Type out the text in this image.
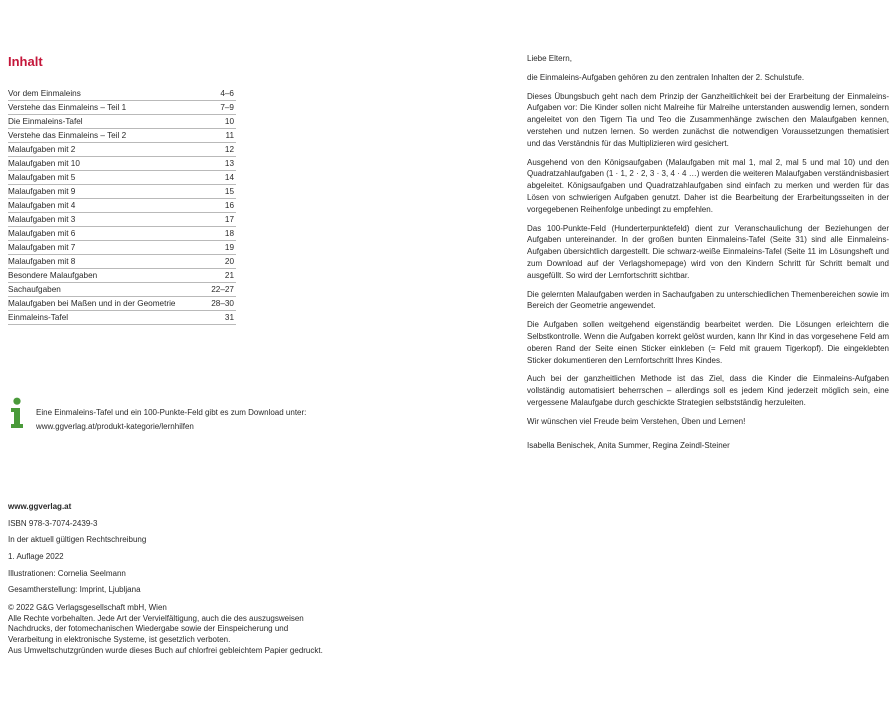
Inhalt
Vor dem Einmaleins	4–6
Verstehe das Einmaleins – Teil 1	7–9
Die Einmaleins-Tafel	10
Verstehe das Einmaleins – Teil 2	11
Malaufgaben mit 2	12
Malaufgaben mit 10	13
Malaufgaben mit 5	14
Malaufgaben mit 9	15
Malaufgaben mit 4	16
Malaufgaben mit 3	17
Malaufgaben mit 6	18
Malaufgaben mit 7	19
Malaufgaben mit 8	20
Besondere Malaufgaben	21
Sachaufgaben	22–27
Malaufgaben bei Maßen und in der Geometrie	28–30
Einmaleins-Tafel	31
Eine Einmaleins-Tafel und ein 100-Punkte-Feld gibt es zum Download unter:
www.ggverlag.at/produkt-kategorie/lernhilfen

www.ggverlag.at

ISBN 978-3-7074-2439-3

In der aktuell gültigen Rechtschreibung

1. Auflage 2022

Illustrationen: Cornelia Seelmann

Gesamtherstellung: Imprint, Ljubljana

© 2022 G&G Verlagsgesellschaft mbH, Wien
Alle Rechte vorbehalten. Jede Art der Vervielfältigung, auch die des auszugsweisen
Nachdrucks, der fotomechanischen Wiedergabe sowie der Einspeicherung und
Verarbeitung in elektronische Systeme, ist gesetzlich verboten.
Aus Umweltschutzgründen wurde dieses Buch auf chlorfrei gebleichtem Papier gedruckt.

Liebe Eltern,

die Einmaleins-Aufgaben gehören zu den zentralen Inhalten der 2. Schulstufe.

Dieses Übungsbuch geht nach dem Prinzip der Ganzheitlichkeit bei der Erarbeitung der Einmaleins-Aufgaben vor: Die Kinder sollen nicht Malreihe für Malreihe unterstanden auswendig lernen, sondern angeleitet von den Tigern Tia und Teo die Zusammenhänge zwischen den Malaufgaben kennen, verstehen und nutzen lernen. So werden zunächst die notwendigen Voraussetzungen thematisiert und das Verständnis für das Multiplizieren wird gesichert.

Ausgehend von den Königsaufgaben (Malaufgaben mit mal 1, mal 2, mal 5 und mal 10) und den Quadratzahlaufgaben (1 · 1, 2 · 2, 3 · 3, 4 · 4 …) werden die weiteren Malaufgaben verständnisbasiert abgeleitet. Königsaufgaben und Quadratzahlaufgaben sind einfach zu merken und werden für das Lösen von schwierigen Aufgaben genutzt. Daher ist die Bearbeitung der Erarbeitungsseiten in der vorgegebenen Reihenfolge unbedingt zu empfehlen.

Das 100-Punkte-Feld (Hunderterpunktefeld) dient zur Veranschaulichung der Beziehungen der Aufgaben untereinander. In der großen bunten Einmaleins-Tafel (Seite 31) sind alle Einmaleins-Aufgaben übersichtlich dargestellt. Die schwarz-weiße Einmaleins-Tafel (Seite 11 im Lösungsheft und zum Download auf der Verlagshomepage) wird von den Kindern Schritt für Schritt bemalt und ausgefüllt. So wird der Lernfortschritt sichtbar.

Die gelernten Malaufgaben werden in Sachaufgaben zu unterschiedlichen Themenbereichen sowie im Bereich der Geometrie angewendet.

Die Aufgaben sollen weitgehend eigenständig bearbeitet werden. Die Lösungen erleichtern die Selbstkontrolle. Wenn die Aufgaben korrekt gelöst wurden, kann Ihr Kind in das vorgesehene Feld am oberen Rand der Seite einen Sticker einkleben (= Feld mit grauem Tigerkopf). Die eingeklebten Sticker dokumentieren den Lernfortschritt Ihres Kindes.

Auch bei der ganzheitlichen Methode ist das Ziel, dass die Kinder die Einmaleins-Aufgaben vollständig automatisiert beherrschen – allerdings soll es jedem Kind jederzeit möglich sein, eine vergessene Malaufgabe durch geschickte Strategien selbstständig herzuleiten.

Wir wünschen viel Freude beim Verstehen, Üben und Lernen!

Isabella Benischek, Anita Summer, Regina Zeindl-Steiner
